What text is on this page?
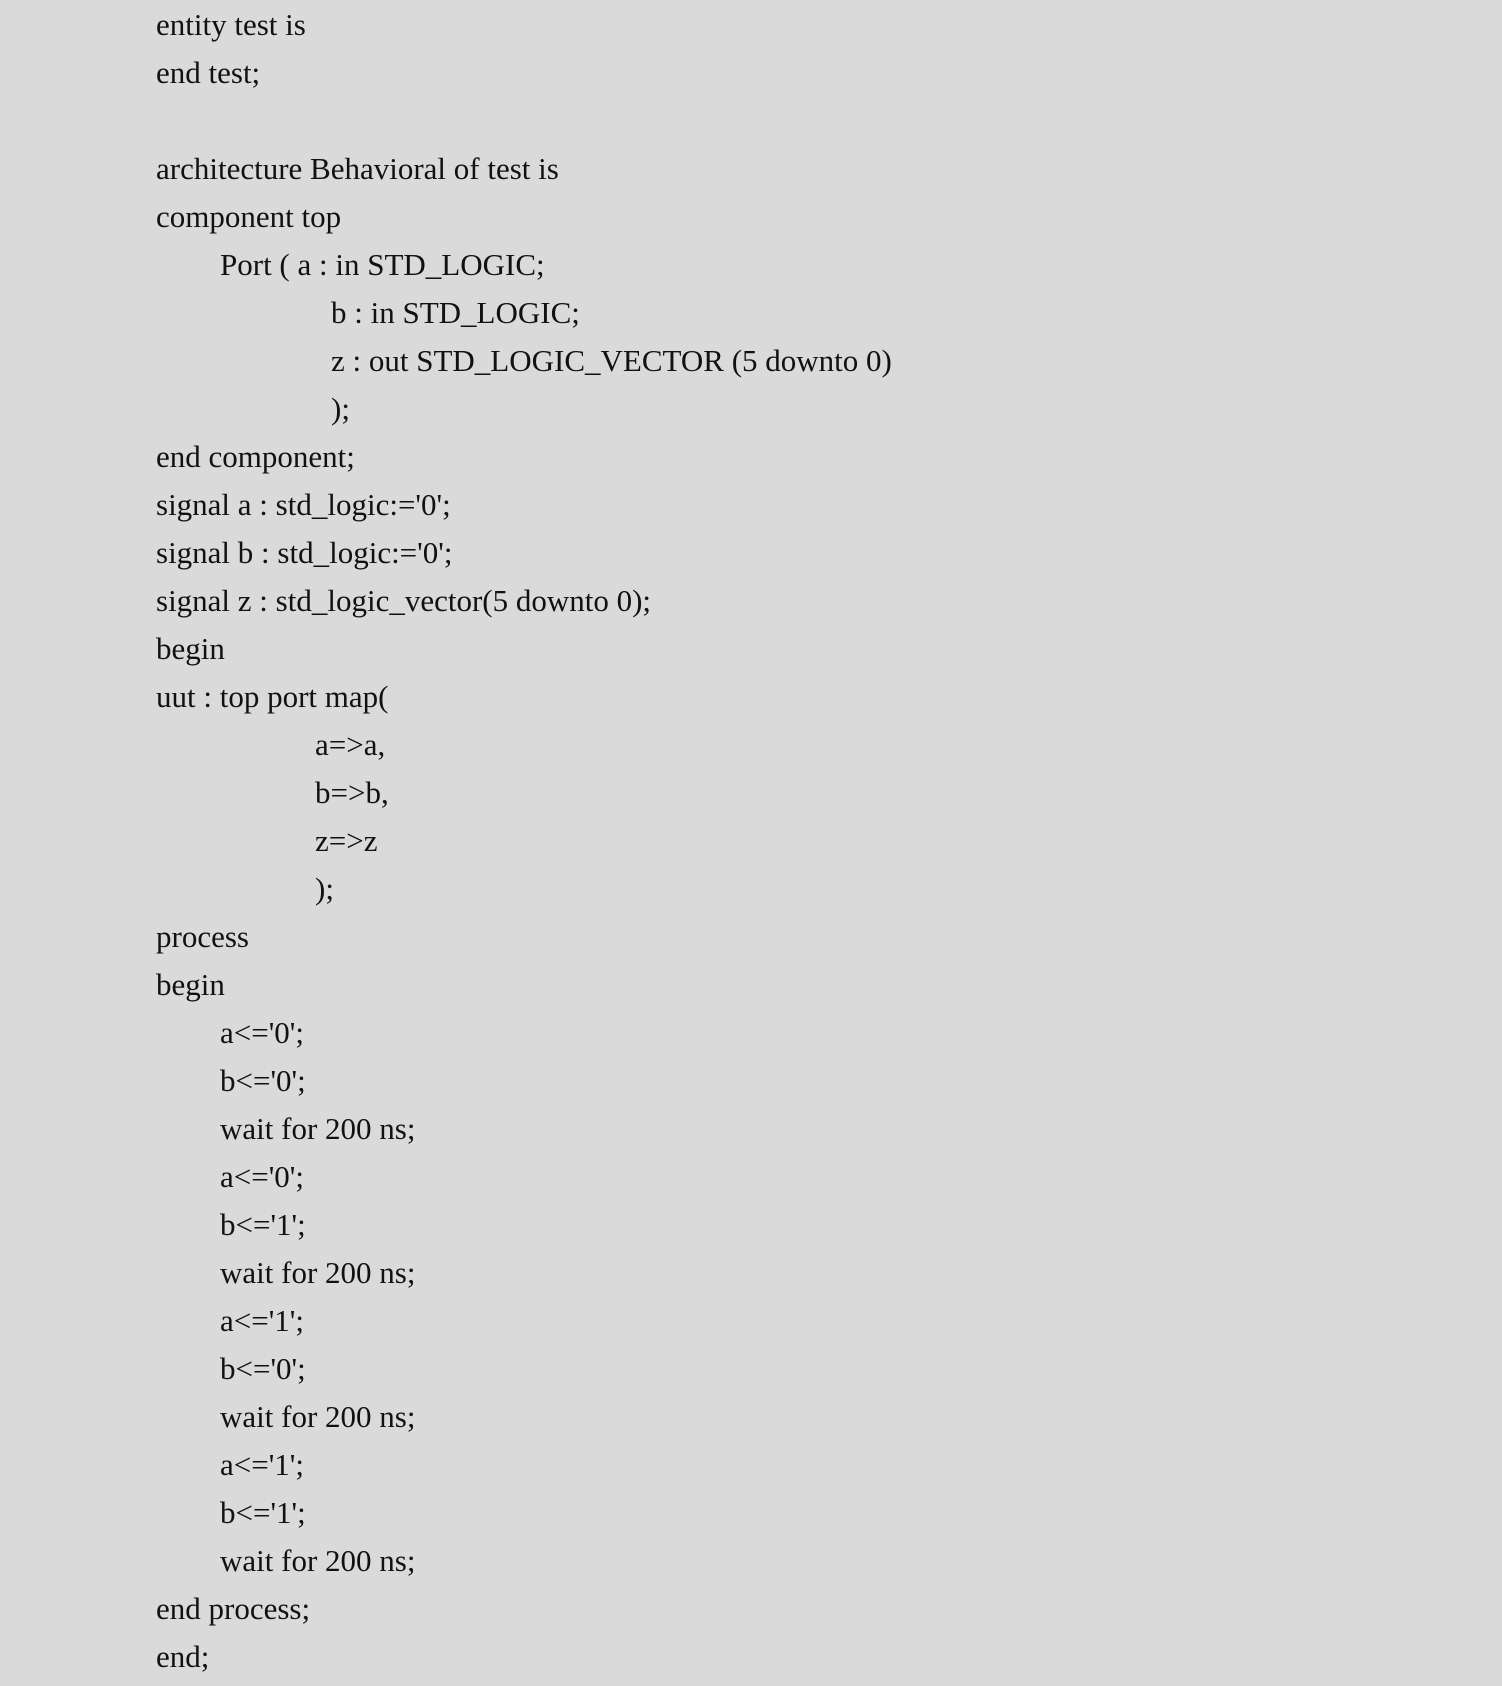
entity test is
end test;
architecture Behavioral of test is
component top
Port ( a : in STD_LOGIC;
b : in STD_LOGIC;
z : out STD_LOGIC_VECTOR (5 downto 0)
);
end component;
signal a : std_logic:='0';
signal b : std_logic:='0';
signal z : std_logic_vector(5 downto 0);
begin
uut : top port map(
a=>a,
b=>b,
z=>z
);
process
begin
a<='0';
b<='0';
wait for 200 ns;
a<='0';
b<='1';
wait for 200 ns;
a<='1';
b<='0';
wait for 200 ns;
a<='1';
b<='1';
wait for 200 ns;
end process;
end;
